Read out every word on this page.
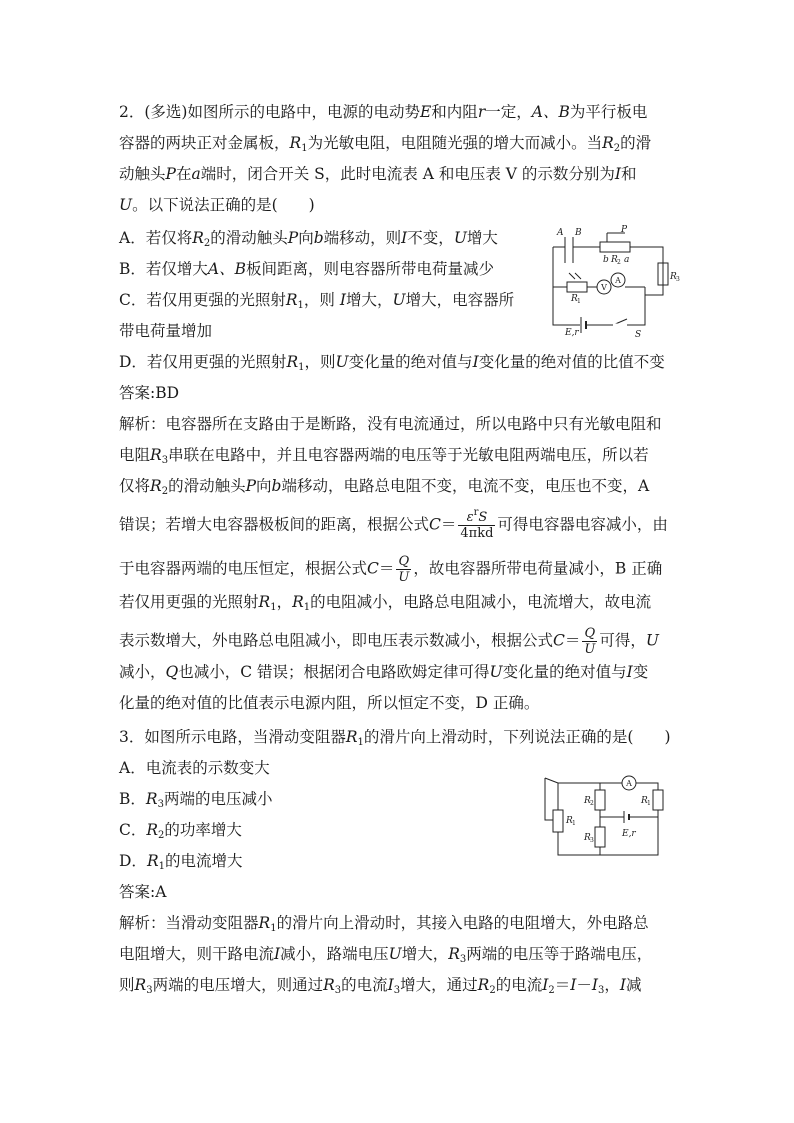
2．(多选)如图所示的电路中，电源的电动势E和内阻r一定，A、B为平行板电
容器的两块正对金属板，$R_1$为光敏电阻，电阻随光强的增大而减小。当$R_2$的滑
动触头P在a端时，闭合开关 S，此时电流表 A 和电压表 V 的示数分别为I和
U。以下说法正确的是(　　)
A．若仅将$R_2$的滑动触头P向b端移动，则I不变，U增大
B．若仅增大A、B板间距离，则电容器所带电荷量减少
C．若仅用更强的光照射$R_1$，则 I增大，U增大，电容器所
带电荷量增加
D．若仅用更强的光照射$R_1$，则U变化量的绝对值与I变化量的绝对值的比值不变
答案:BD
解析：电容器所在支路由于是断路，没有电流通过，所以电路中只有光敏电阻和
电阻$R_3$串联在电路中，并且电容器两端的电压等于光敏电阻两端电压，所以若
仅将$R_2$的滑动触头P向b端移动，电路总电阻不变，电流不变，电压也不变，A
错误；若增大电容器极板间的距离，根据公式$C= \frac{\varepsilon^rS}{\text{4πkd}}$ 可得电容器电容减小，由
于电容器两端的电压恒定，根据公式$C= \frac{Q}{U}$ ，故电容器所带电荷量减小，B 正确
若仅用更强的光照射$R_1$，$R_1$的电阻减小，电路总电阻减小，电流增大，故电流
表示数增大，外电路总电阻减小，即电压表示数减小，根据公式$C= \frac{Q}{U}$ 可得，U
减小，Q也减小，C 错误；根据闭合电路欧姆定律可得U变化量的绝对值与I变
化量的绝对值的比值表示电源内阻，所以恒定不变，D 正确。
3．如图所示电路，当滑动变阻器$R_1$的滑片向上滑动时，下列说法正确的是(　　)
A．电流表的示数变大
B．$R_3$两端的电压减小
C．$R_2$的功率增大
D．$R_1$的电流增大
答案:A
解析：当滑动变阻器$R_1$的滑片向上滑动时，其接入电路的电阻增大，外电路总
电阻增大，则干路电流I减小，路端电压U增大，$R_3$两端的电压等于路端电压，
则$R_3$两端的电压增大，则通过$R_3$的电流$I_3$增大，通过$R_2$的电流$I_2=I-I_3$，I减
A B	P
b R a
R
R
E,r	S
2
3
1
V
A
A
R	R
R
R	E,r
2	1
1
3
